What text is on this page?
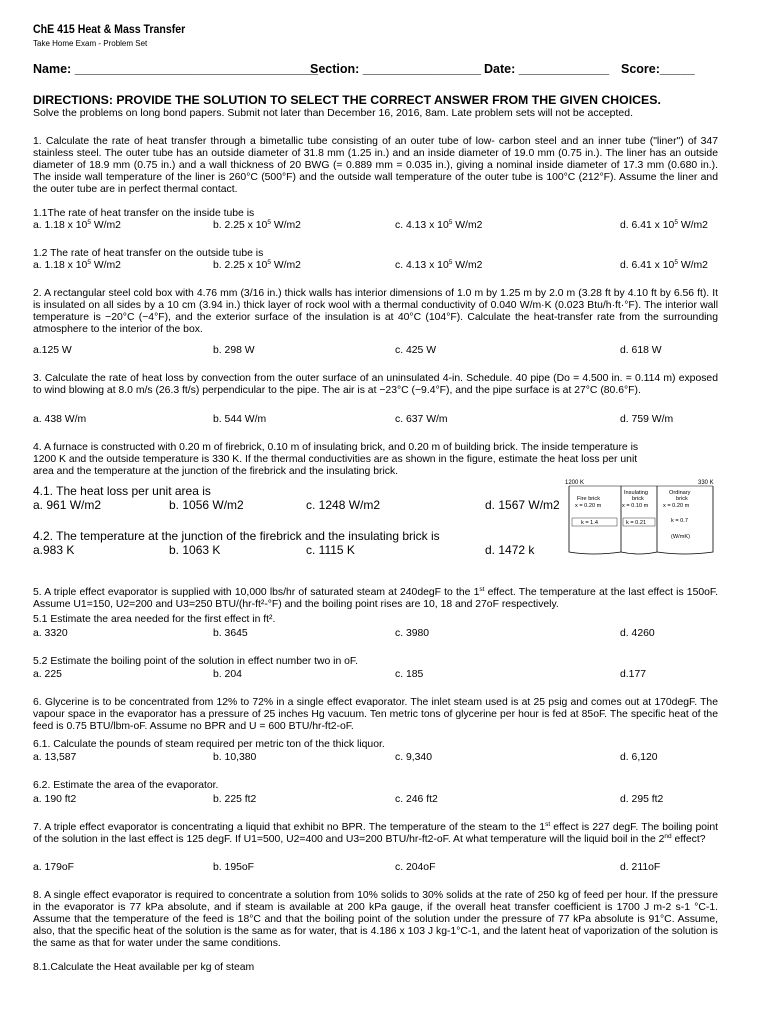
ChE 415 Heat & Mass Transfer
Take Home Exam - Problem Set
Name: ___________________________________
Section: _________________ Date: _____________ Score:_____
DIRECTIONS: PROVIDE THE SOLUTION TO SELECT THE CORRECT ANSWER FROM THE GIVEN CHOICES.
Solve the problems on long bond papers. Submit not later than December 16, 2016, 8am. Late problem sets will not be accepted.
1. Calculate the rate of heat transfer through a bimetallic tube consisting of an outer tube of low- carbon steel and an inner tube ("liner") of 347 stainless steel. The outer tube has an outside diameter of 31.8 mm (1.25 in.) and an inside diameter of 19.0 mm (0.75 in.). The liner has an outside diameter of 18.9 mm (0.75 in.) and a wall thickness of 20 BWG (= 0.889 mm = 0.035 in.), giving a nominal inside diameter of 17.3 mm (0.680 in.). The inside wall temperature of the liner is 260°C (500°F) and the outside wall temperature of the outer tube is 100°C (212°F). Assume the liner and the outer tube are in perfect thermal contact.
1.1The rate of heat transfer on the inside tube is
a. 1.18 x $10^5$ W/m2	b. 2.25 x $10^5$ W/m2	c. 4.13 x $10^5$ W/m2	d. 6.41 x $10^5$ W/m2
1.2 The rate of heat transfer on the outside tube is
a. 1.18 x $10^5$ W/m2	b. 2.25 x $10^5$ W/m2	c. 4.13 x $10^5$ W/m2	d. 6.41 x $10^5$ W/m2
2. A rectangular steel cold box with 4.76 mm (3/16 in.) thick walls has interior dimensions of 1.0 m by 1.25 m by 2.0 m (3.28 ft by 4.10 ft by 6.56 ft). It is insulated on all sides by a 10 cm (3.94 in.) thick layer of rock wool with a thermal conductivity of 0.040 W/m·K (0.023 Btu/h·ft·°F). The interior wall temperature is −20°C (−4°F), and the exterior surface of the insulation is at 40°C (104°F). Calculate the heat-transfer rate from the surrounding atmosphere to the interior of the box.
a.125 W	b. 298 W	c. 425 W	d. 618 W
3. Calculate the rate of heat loss by convection from the outer surface of an uninsulated 4-in. Schedule. 40 pipe (Do = 4.500 in. = 0.114 m) exposed to wind blowing at 8.0 m/s (26.3 ft/s) perpendicular to the pipe. The air is at −23°C (−9.4°F), and the pipe surface is at 27°C (80.6°F).
a. 438 W/m	b. 544 W/m	c. 637 W/m	d. 759 W/m
4. A furnace is constructed with 0.20 m of firebrick, 0.10 m of insulating brick, and 0.20 m of building brick. The inside temperature is
1200 K and the outside temperature is 330 K. If the thermal conductivities are as shown in the figure, estimate the heat loss per unit
area and the temperature at the junction of the firebrick and the insulating brick.
4.1. The heat loss per unit area is
a. 961 W/m2	b. 1056 W/m2	c. 1248 W/m2	d. 1567 W/m2
4.2. The temperature at the junction of the firebrick and the insulating brick is
a.983 K	b. 1063 K	c. 1115 K	d. 1472 k
1200 K	330 K
Fire brick
x = 0.20 m
k = 1.4
Insulating
brick
x = 0.10 m
k = 0.21
Ordinary
brick
x = 0.20 m
k = 0.7
(W/mK)
5. A triple effect evaporator is supplied with 10,000 lbs/hr of saturated steam at 240degF to the 1st effect. The temperature at the last effect is 150oF. Assume U1=150, U2=200 and U3=250 BTU/(hr-ft²-°F) and the boiling point rises are 10, 18 and 27oF respectively.
5.1 Estimate the area needed for the first effect in ft².
a. 3320	b. 3645	c. 3980	d. 4260
5.2 Estimate the boiling point of the solution in effect number two in oF.
a. 225	b. 204	c. 185	d.177
6. Glycerine is to be concentrated from 12% to 72% in a single effect evaporator. The inlet steam used is at 25 psig and comes out at 170degF. The vapour space in the evaporator has a pressure of 25 inches Hg vacuum. Ten metric tons of glycerine per hour is fed at 85oF. The specific heat of the feed is 0.75 BTU/lbm-oF. Assume no BPR and U = 600 BTU/hr-ft2-oF.
6.1. Calculate the pounds of steam required per metric ton of the thick liquor.
a. 13,587	b. 10,380	c. 9,340	d. 6,120
6.2. Estimate the area of the evaporator.
a. 190 ft2	b. 225 ft2	c. 246 ft2	d. 295 ft2
7. A triple effect evaporator is concentrating a liquid that exhibit no BPR. The temperature of the steam to the 1st effect is 227 degF. The boiling point of the solution in the last effect is 125 degF. If U1=500, U2=400 and U3=200 BTU/hr-ft2-oF. At what temperature will the liquid boil in the 2nd effect?
a. 179oF	b. 195oF	c. 204oF	d. 211oF
8. A single effect evaporator is required to concentrate a solution from 10% solids to 30% solids at the rate of 250 kg of feed per hour. If the pressure in the evaporator is 77 kPa absolute, and if steam is available at 200 kPa gauge, if the overall heat transfer coefficient is 1700 J m-2 s-1 °C-1. Assume that the temperature of the feed is 18°C and that the boiling point of the solution under the pressure of 77 kPa absolute is 91°C. Assume, also, that the specific heat of the solution is the same as for water, that is 4.186 x 103 J kg-1°C-1, and the latent heat of vaporization of the solution is the same as that for water under the same conditions.
8.1.Calculate the Heat available per kg of steam
